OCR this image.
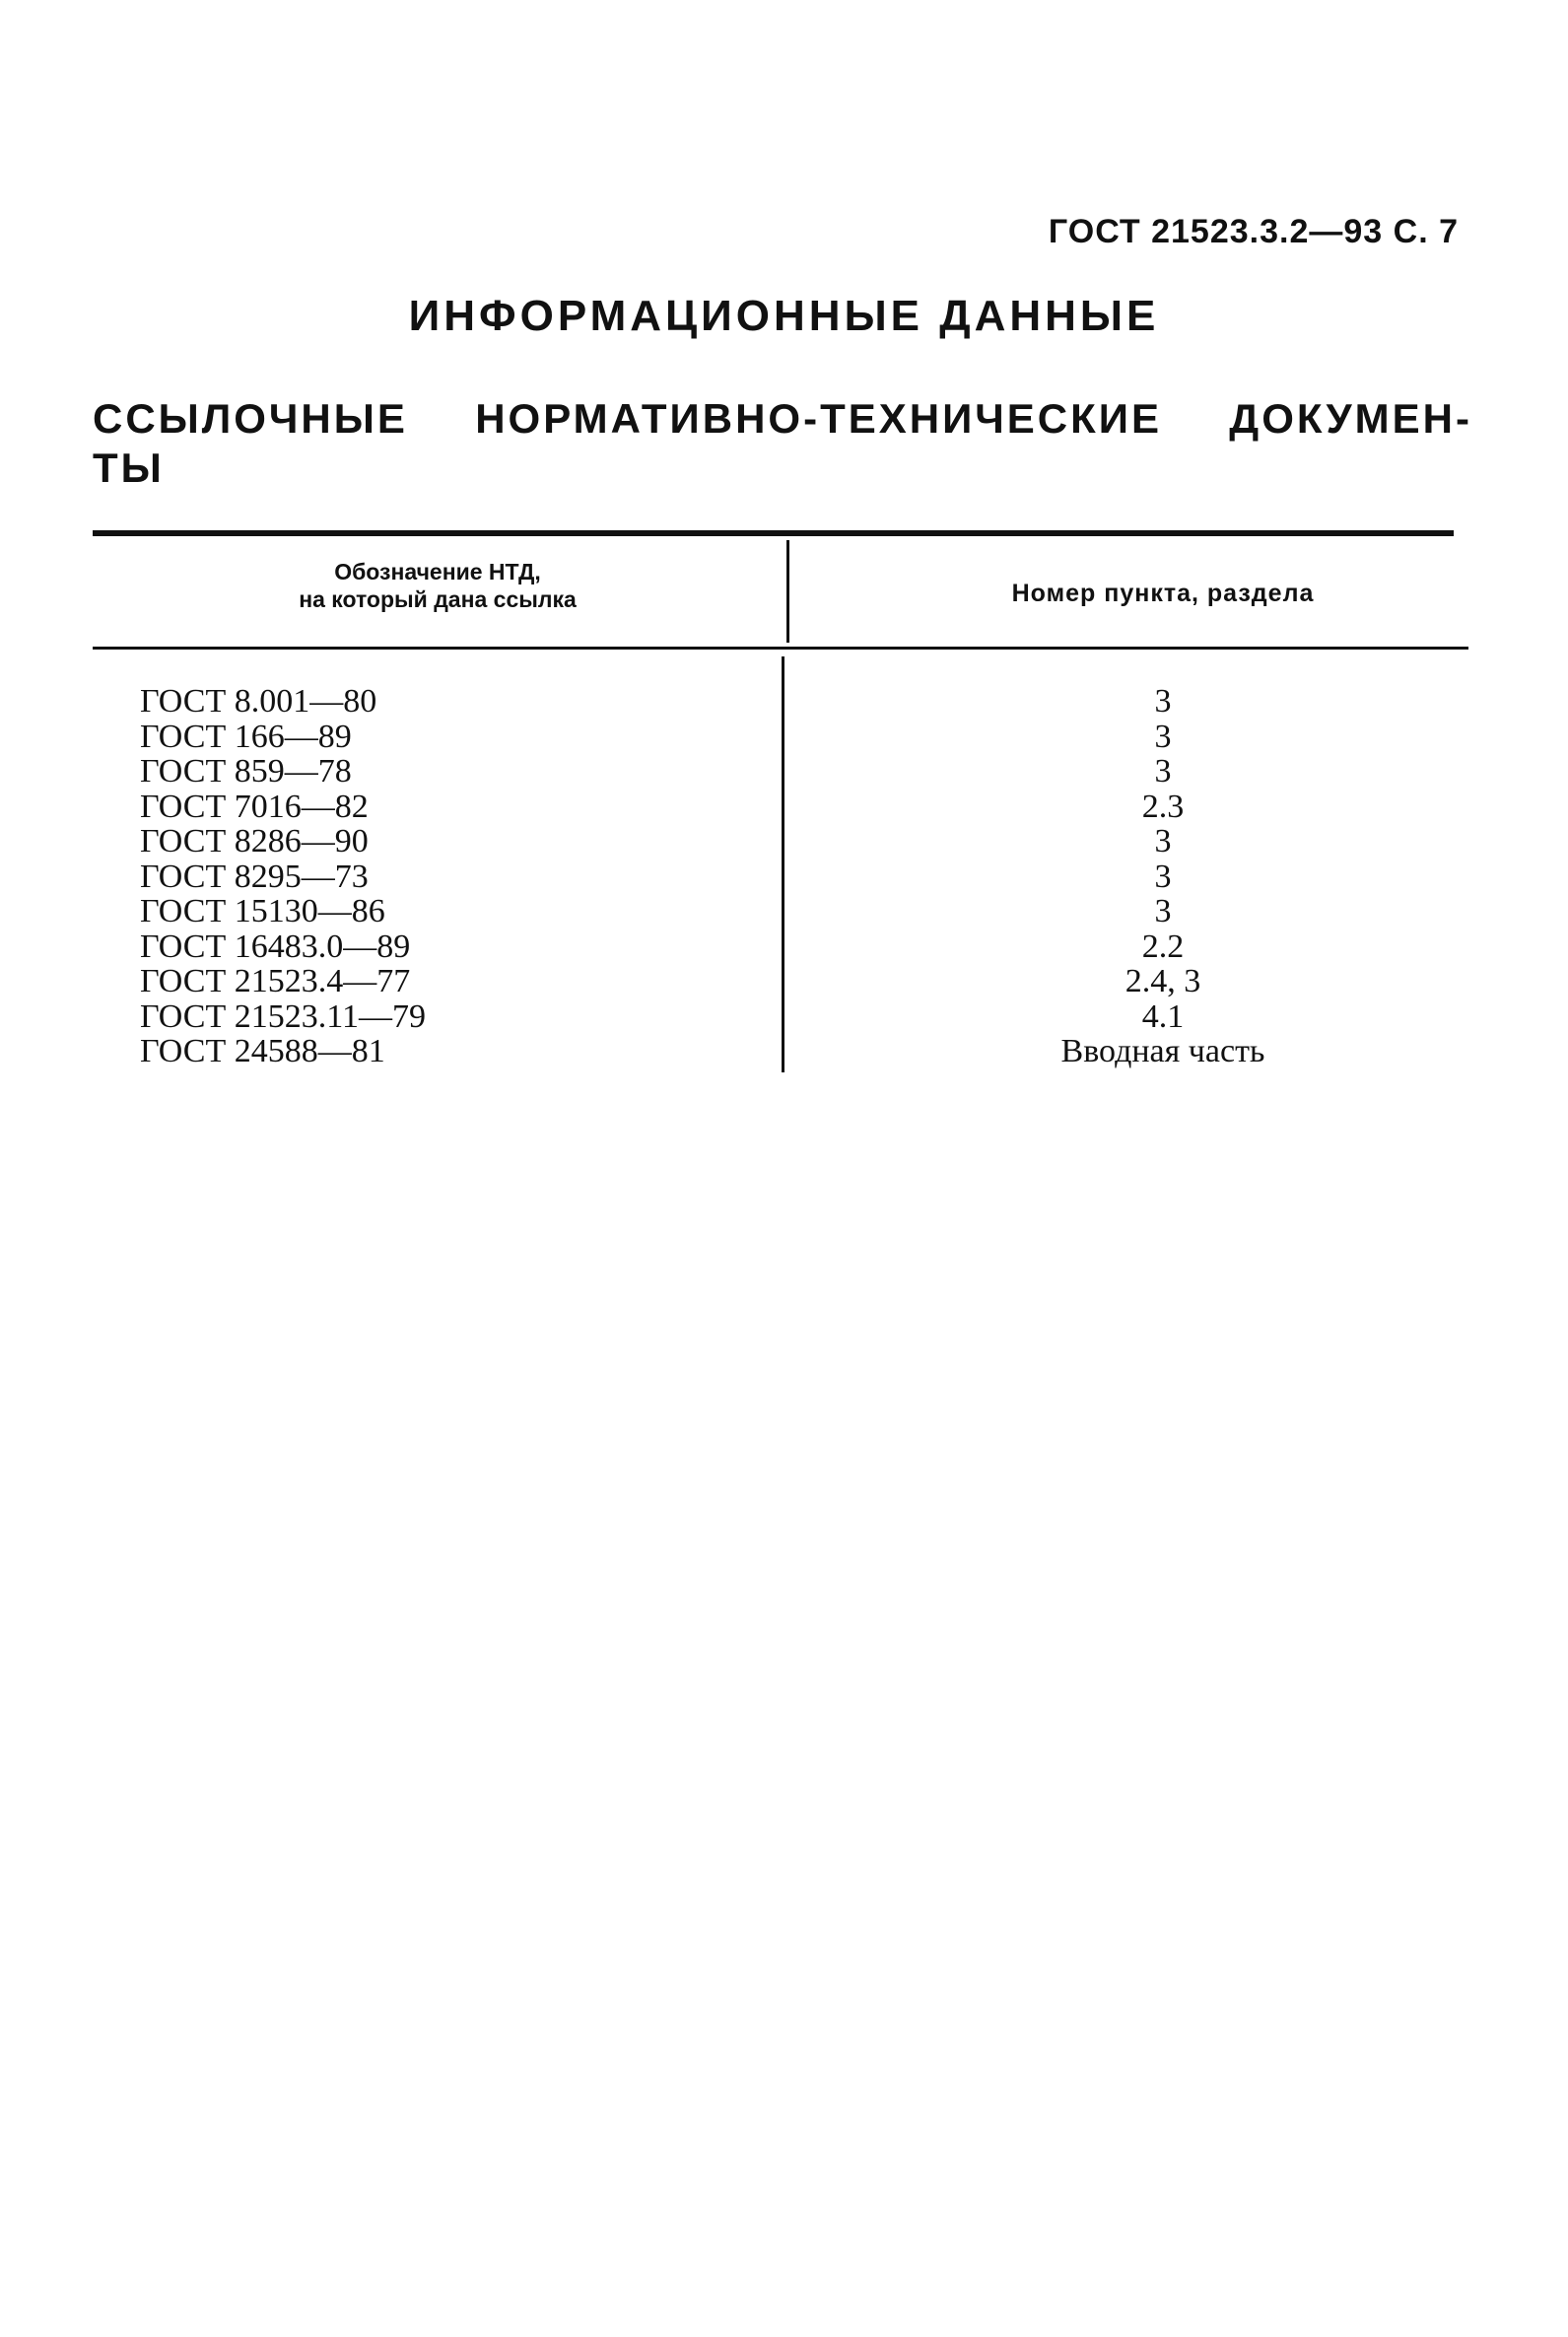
ГОСТ 21523.3.2—93 С. 7
ИНФОРМАЦИОННЫЕ ДАННЫЕ
ССЫЛОЧНЫЕ НОРМАТИВНО-ТЕХНИЧЕСКИЕ ДОКУМЕН-
ТЫ
Обозначение НТД,
на который дана ссылка	Номер пункта, раздела
ГОСТ 8.001—80	3
ГОСТ 166—89	3
ГОСТ 859—78	3
ГОСТ 7016—82	2.3
ГОСТ 8286—90	3
ГОСТ 8295—73	3
ГОСТ 15130—86	3
ГОСТ 16483.0—89	2.2
ГОСТ 21523.4—77	2.4, 3
ГОСТ 21523.11—79	4.1
ГОСТ 24588—81	Вводная часть
